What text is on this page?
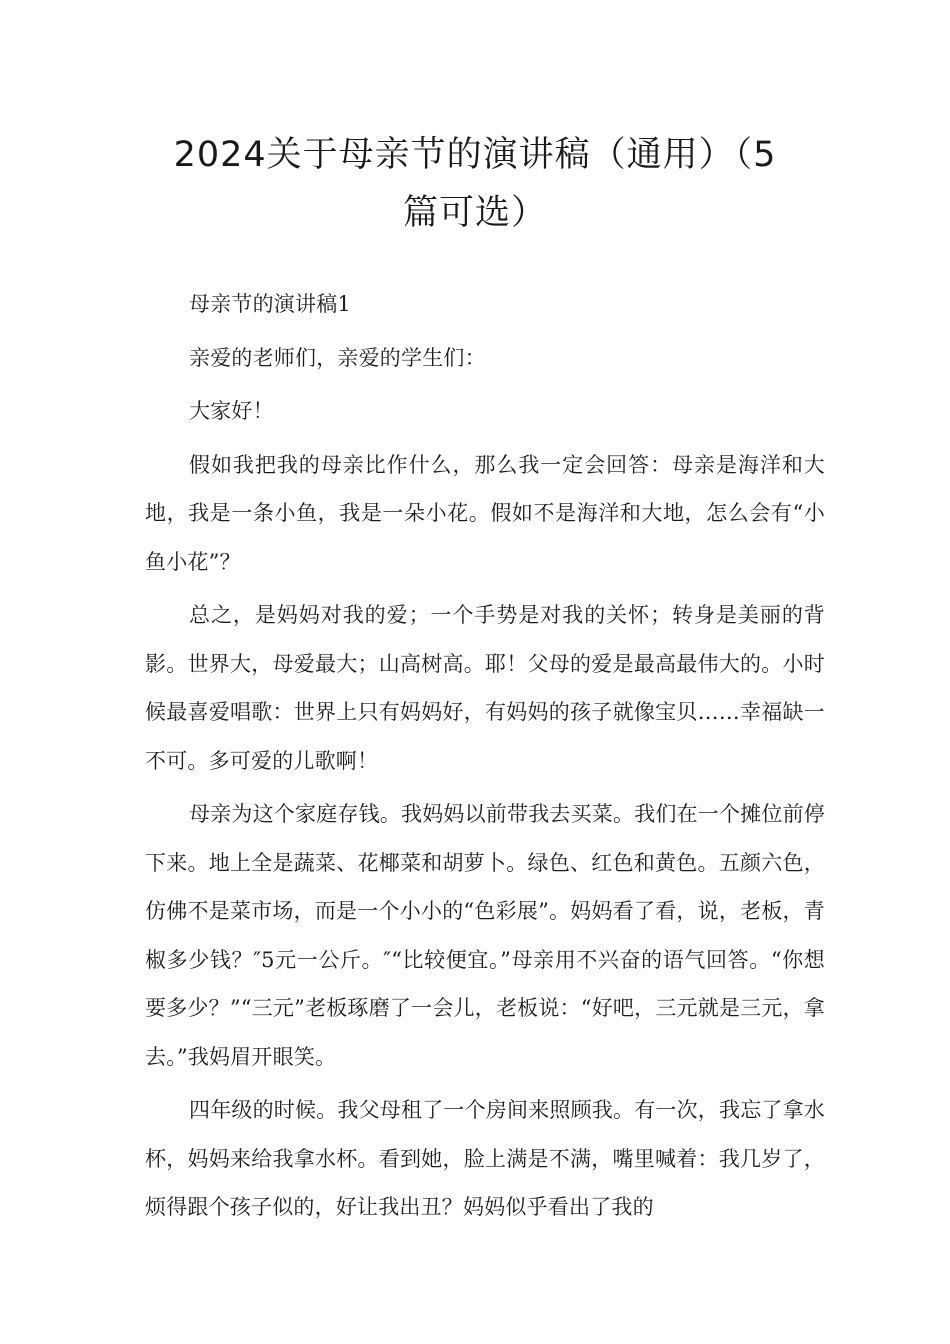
2024关于母亲节的演讲稿（通用）（5
篇可选）

母亲节的演讲稿1

亲爱的老师们，亲爱的学生们：

大家好！

假如我把我的母亲比作什么，那么我一定会回答：母亲是海洋和大地，我是一条小鱼，我是一朵小花。假如不是海洋和大地，怎么会有“小鱼小花”？

总之，是妈妈对我的爱；一个手势是对我的关怀；转身是美丽的背影。世界大，母爱最大；山高树高。耶！父母的爱是最高最伟大的。小时候最喜爱唱歌：世界上只有妈妈好，有妈妈的孩子就像宝贝……幸福缺一不可。多可爱的儿歌啊！

母亲为这个家庭存钱。我妈妈以前带我去买菜。我们在一个摊位前停下来。地上全是蔬菜、花椰菜和胡萝卜。绿色、红色和黄色。五颜六色，仿佛不是菜市场，而是一个小小的“色彩展”。妈妈看了看，说，老板，青椒多少钱？″5元一公斤。″“比较便宜。”母亲用不兴奋的语气回答。“你想要多少？”“三元”老板琢磨了一会儿，老板说：“好吧，三元就是三元，拿去。”我妈眉开眼笑。

四年级的时候。我父母租了一个房间来照顾我。有一次，我忘了拿水杯，妈妈来给我拿水杯。看到她，脸上满是不满，嘴里喊着：我几岁了，烦得跟个孩子似的，好让我出丑？妈妈似乎看出了我的
